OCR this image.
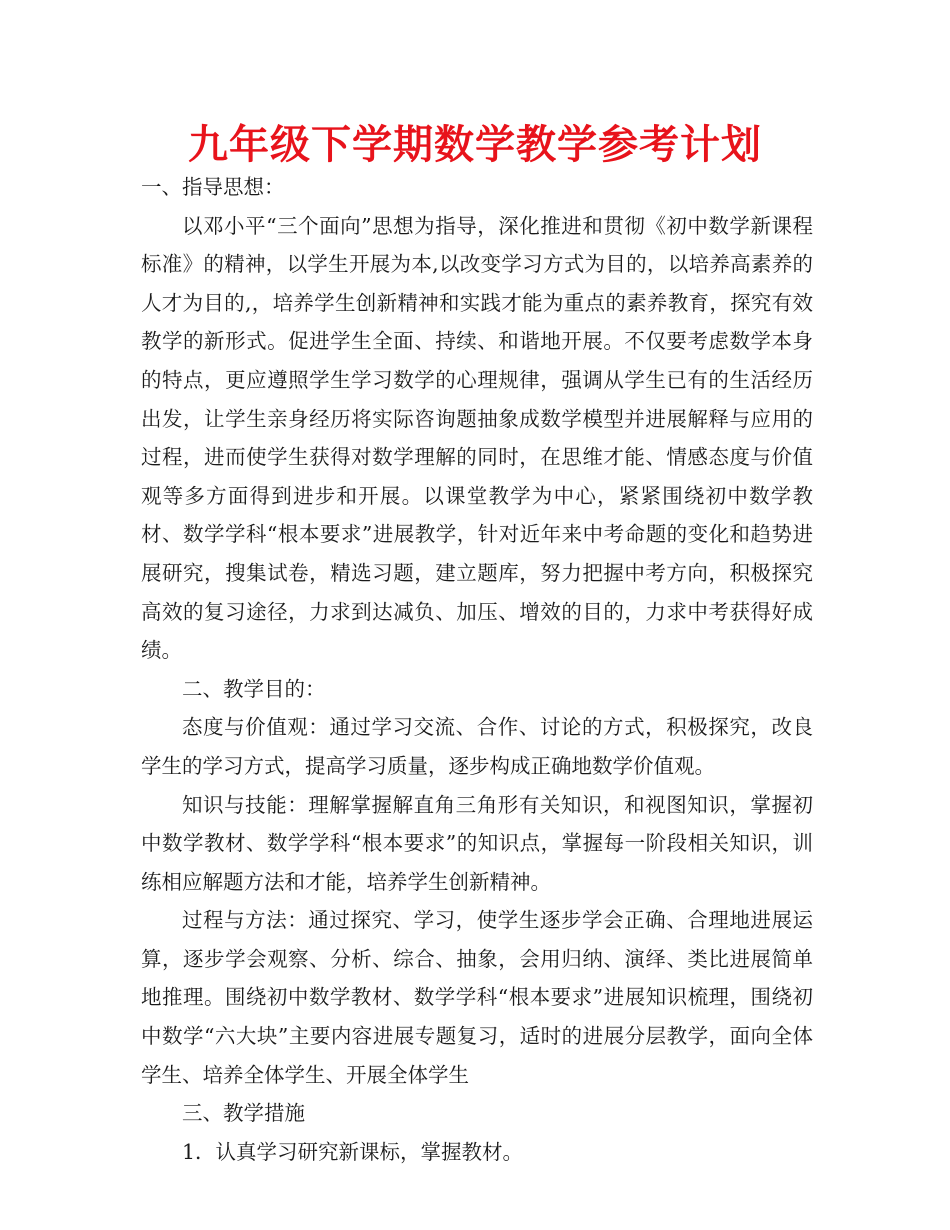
九年级下学期数学教学参考计划

一、指导思想：

以邓小平“三个面向”思想为指导，深化推进和贯彻《初中数学新课程标准》的精神，以学生开展为本,以改变学习方式为目的，以培养高素养的人才为目的,，培养学生创新精神和实践才能为重点的素养教育，探究有效教学的新形式。促进学生全面、持续、和谐地开展。不仅要考虑数学本身的特点，更应遵照学生学习数学的心理规律，强调从学生已有的生活经历出发，让学生亲身经历将实际咨询题抽象成数学模型并进展解释与应用的过程，进而使学生获得对数学理解的同时，在思维才能、情感态度与价值观等多方面得到进步和开展。以课堂教学为中心，紧紧围绕初中数学教材、数学学科“根本要求”进展教学，针对近年来中考命题的变化和趋势进展研究，搜集试卷，精选习题，建立题库，努力把握中考方向，积极探究高效的复习途径，力求到达减负、加压、增效的目的，力求中考获得好成绩。

二、教学目的：

态度与价值观：通过学习交流、合作、讨论的方式，积极探究，改良学生的学习方式，提高学习质量，逐步构成正确地数学价值观。

知识与技能：理解掌握解直角三角形有关知识，和视图知识，掌握初中数学教材、数学学科“根本要求”的知识点，掌握每一阶段相关知识，训练相应解题方法和才能，培养学生创新精神。

过程与方法：通过探究、学习，使学生逐步学会正确、合理地进展运算，逐步学会观察、分析、综合、抽象，会用归纳、演绎、类比进展简单地推理。围绕初中数学教材、数学学科“根本要求”进展知识梳理，围绕初中数学“六大块”主要内容进展专题复习，适时的进展分层教学，面向全体学生、培养全体学生、开展全体学生

三、教学措施

1．认真学习研究新课标，掌握教材。
